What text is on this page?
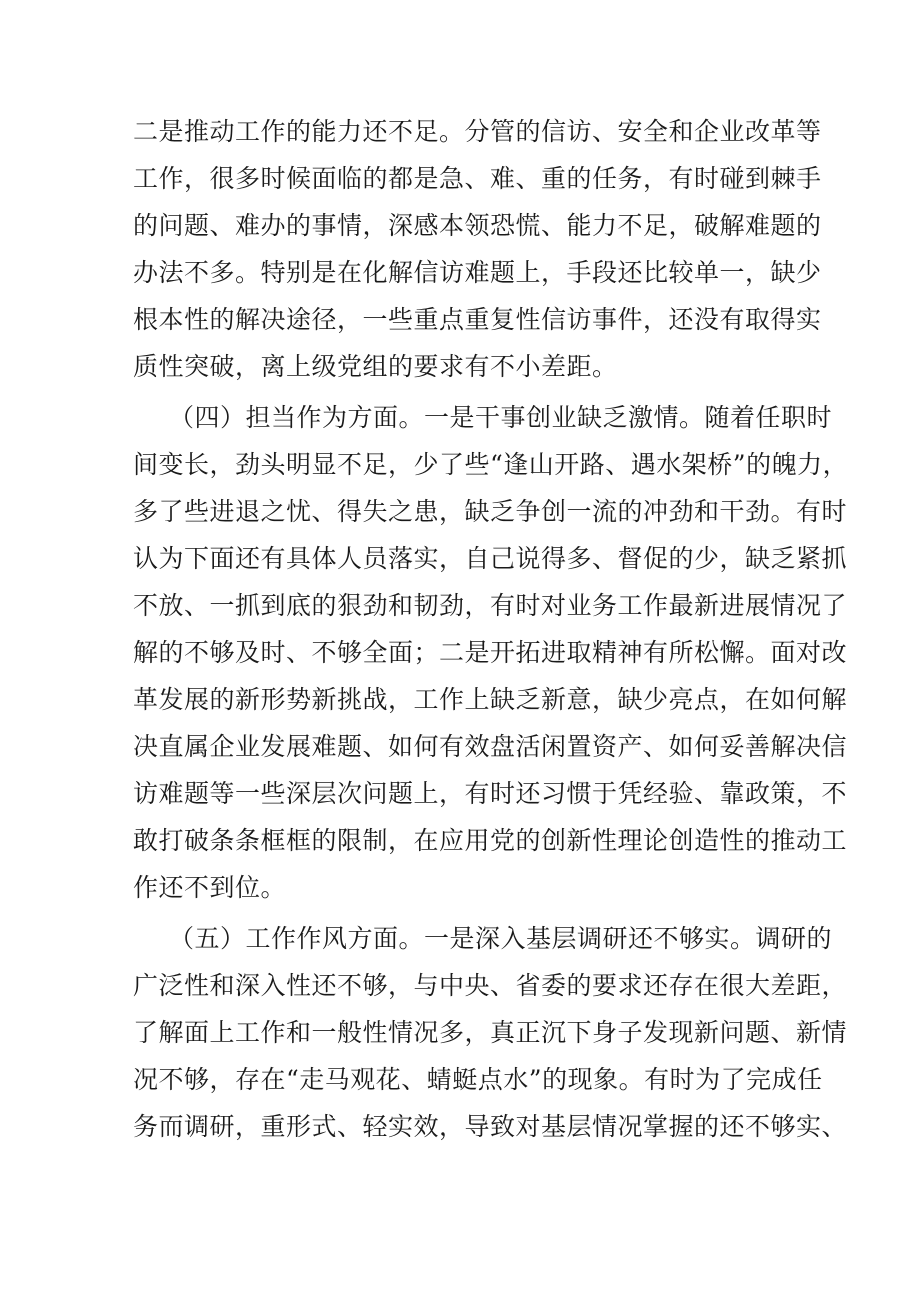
二是推动工作的能力还不足。分管的信访、安全和企业改革等
工作，很多时候面临的都是急、难、重的任务，有时碰到棘手
的问题、难办的事情，深感本领恐慌、能力不足，破解难题的
办法不多。特别是在化解信访难题上，手段还比较单一，缺少
根本性的解决途径，一些重点重复性信访事件，还没有取得实
质性突破，离上级党组的要求有不小差距。
（四）担当作为方面。一是干事创业缺乏激情。随着任职时
间变长，劲头明显不足，少了些“逢山开路、遇水架桥”的魄力，
多了些进退之忧、得失之患，缺乏争创一流的冲劲和干劲。有时
认为下面还有具体人员落实，自己说得多、督促的少，缺乏紧抓
不放、一抓到底的狠劲和韧劲，有时对业务工作最新进展情况了
解的不够及时、不够全面；二是开拓进取精神有所松懈。面对改
革发展的新形势新挑战，工作上缺乏新意，缺少亮点，在如何解
决直属企业发展难题、如何有效盘活闲置资产、如何妥善解决信
访难题等一些深层次问题上，有时还习惯于凭经验、靠政策，不
敢打破条条框框的限制，在应用党的创新性理论创造性的推动工
作还不到位。
（五）工作作风方面。一是深入基层调研还不够实。调研的
广泛性和深入性还不够，与中央、省委的要求还存在很大差距，
了解面上工作和一般性情况多，真正沉下身子发现新问题、新情
况不够，存在“走马观花、蜻蜓点水”的现象。有时为了完成任
务而调研，重形式、轻实效，导致对基层情况掌握的还不够实、
